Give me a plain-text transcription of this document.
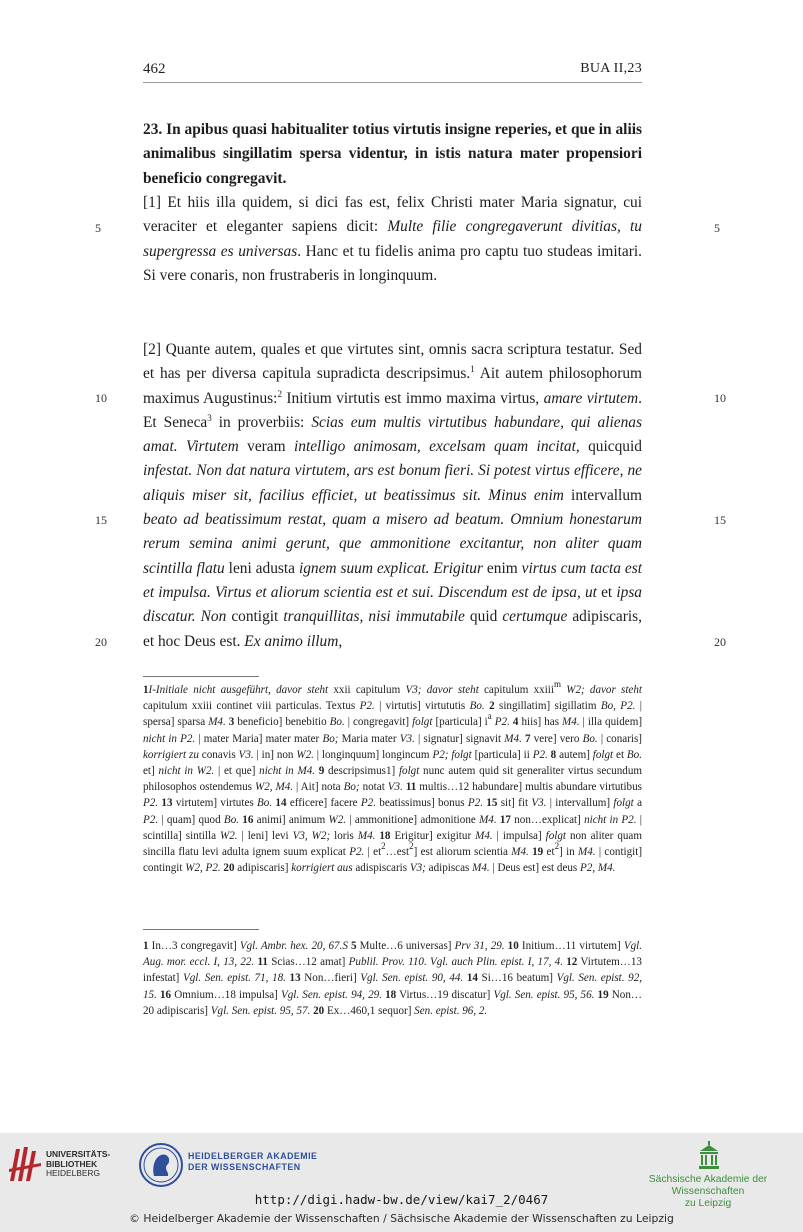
462	BUA II,23
23. In apibus quasi habitualiter totius virtutis insigne reperies, et que in aliis animalibus singillatim spersa videntur, in istis natura mater propensiori beneficio congregavit.

[1] Et hiis illa quidem, si dici fas est, felix Christi mater Maria signatur, cui veraciter et eleganter sapiens dicit: Multe filie congregaverunt divitias, tu supergressa es universas. Hanc et tu fidelis anima pro captu tuo studeas imitari. Si vere conaris, non frustraberis in longinquum.

[2] Quante autem, quales et que virtutes sint, omnis sacra scriptura testatur. Sed et has per diversa capitula supradicta descripsimus.$^1$ Ait autem philosophorum maximus Augustinus:$^2$ Initium virtutis est immo maxima virtus, amare virtutem. Et Seneca$^3$ in proverbiis: Scias eum multis virtutibus habundare, qui alienas amat. Virtutem veram intelligo animosam, excelsam quam incitat, quicquid infestat. Non dat natura virtutem, ars est bonum fieri. Si potest virtus efficere, ne aliquis miser sit, facilius efficiet, ut beatissimus sit. Minus enim intervallum beato ad beatissimum restat, quam a misero ad beatum. Omnium honestarum rerum semina animi gerunt, que ammonitione excitantur, non aliter quam scintilla flatu leni adusta ignem suum explicat. Erigitur enim virtus cum tacta est et impulsa. Virtus et aliorum scientia est et sui. Discendum est de ipsa, ut et ipsa discatur. Non contigit tranquillitas, nisi immutabile quid certumque adipiscaris, et hoc Deus est. Ex animo illum,

5	5
10	10
15	15
20	20
1I-Initiale nicht ausgeführt, davor steht xxii capitulum V3; davor steht capitulum xxiii$^m$ W2; davor steht capitulum xxiii continet viii particulas. Textus P2. | virtutis] virtututis Bo. 2 singillatim] sigillatim Bo, P2. | spersa] sparsa M4. 3 beneficio] benebitio Bo. | congregavit] folgt [particula] $i^a$ P2. 4 hiis] has M4. | illa quidem] nicht in P2. | mater Maria] mater mater Bo; Maria mater V3. | signatur] signavit M4. 7 vere] vero Bo. | conaris] korrigiert zu conavis V3. | in] non W2. | longinquum] longincum P2; folgt [particula] ii P2. 8 autem] folgt et Bo. et] nicht in W2. | et que] nicht in M4. 9 descripsimus1] folgt nunc autem quid sit generaliter virtus secundum philosophos ostendemus W2, M4. | Ait] nota Bo; notat V3. 11 multis…12 habundare] multis abundare virtutibus P2. 13 virtutem] virtutes Bo. 14 efficere] facere P2. beatissimus] bonus P2. 15 sit] fit V3. | intervallum] folgt a P2. | quam] quod Bo. 16 animi] animum W2. | ammonitione] admonitione M4. 17 non…explicat] nicht in P2. | scintilla] sintilla W2. | leni] levi V3, W2; loris M4. 18 Erigitur] exigitur M4. | impulsa] folgt non aliter quam sincilla flatu levi adulta ignem suum explicat P2. | $et^2\dots est^2$] est aliorum scientia M4. 19 $et^2$] in M4. | contigit] contingit W2, P2. 20 adipiscaris] korrigiert aus adispiscaris V3; adipiscas M4. | Deus est] est deus P2, M4.
1 In…3 congregavit] Vgl. Ambr. hex. 20, 67.S 5 Multe…6 universas] Prv 31, 29. 10 Initium…11 virtutem] Vgl. Aug. mor. eccl. I, 13, 22. 11 Scias…12 amat] Publil. Prov. 110. Vgl. auch Plin. epist. I, 17, 4. 12 Virtutem…13 infestat] Vgl. Sen. epist. 71, 18. 13 Non…fieri] Vgl. Sen. epist. 90, 44. 14 Si…16 beatum] Vgl. Sen. epist. 92, 15. 16 Omnium…18 impulsa] Vgl. Sen. epist. 94, 29. 18 Virtus…19 discatur] Vgl. Sen. epist. 95, 56. 19 Non…20 adipiscaris] Vgl. Sen. epist. 95, 57. 20 Ex…460,1 sequor] Sen. epist. 96, 2.
UNIVERSITÄTS-
BIBLIOTHEK
HEIDELBERG
HEIDELBERGER AKADEMIE
DER WISSENSCHAFTEN
Sächsische Akademie der Wissenschaften
zu Leipzig
http://digi.hadw-bw.de/view/kai7_2/0467
© Heidelberger Akademie der Wissenschaften / Sächsische Akademie der Wissenschaften zu Leipzig
